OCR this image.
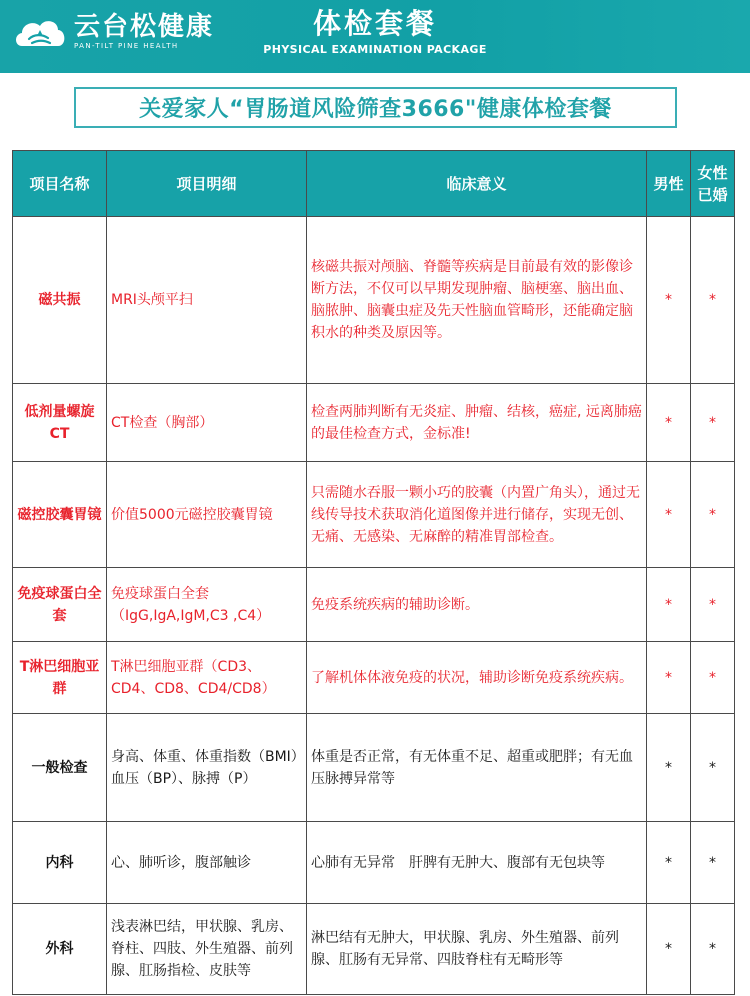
云台松健康
PAN-TILT PINE HEALTH
体检套餐
PHYSICAL EXAMINATION PACKAGE
关爱家人“胃肠道风险筛查3666"健康体检套餐
项目名称	项目明细	临床意义	男性	女性已婚
磁共振	MRI头颅平扫	核磁共振对颅脑、脊髓等疾病是目前最有效的影像诊断方法，不仅可以早期发现肿瘤、脑梗塞、脑出血、脑脓肿、脑囊虫症及先天性脑血管畸形，还能确定脑积水的种类及原因等。	*	*
低剂量螺旋CT	CT检查（胸部）	检查两肺判断有无炎症、肿瘤、结核，癌症, 远离肺癌的最佳检查方式，金标准!	*	*
磁控胶囊胃镜	价值5000元磁控胶囊胃镜	只需随水吞服一颗小巧的胶囊（内置广角头），通过无线传导技术获取消化道图像并进行储存，实现无创、无痛、无感染、无麻醉的精准胃部检查。	*	*
免疫球蛋白全套	免疫球蛋白全套（IgG,IgA,IgM,C3 ,C4）	免疫系统疾病的辅助诊断。	*	*
T淋巴细胞亚群	T淋巴细胞亚群（CD3、CD4、CD8、CD4/CD8）	了解机体体液免疫的状况，辅助诊断免疫系统疾病。	*	*
一般检查	身高、体重、体重指数（BMI）血压（BP）、脉搏（P）	体重是否正常，有无体重不足、超重或肥胖；有无血压脉搏异常等	*	*
内科	心、肺听诊，腹部触诊	心肺有无异常　肝脾有无肿大、腹部有无包块等	*	*
外科	浅表淋巴结，甲状腺、乳房、脊柱、四肢、外生殖器、前列腺、肛肠指检、皮肤等	淋巴结有无肿大，甲状腺、乳房、外生殖器、前列腺、肛肠有无异常、四肢脊柱有无畸形等	*	*
